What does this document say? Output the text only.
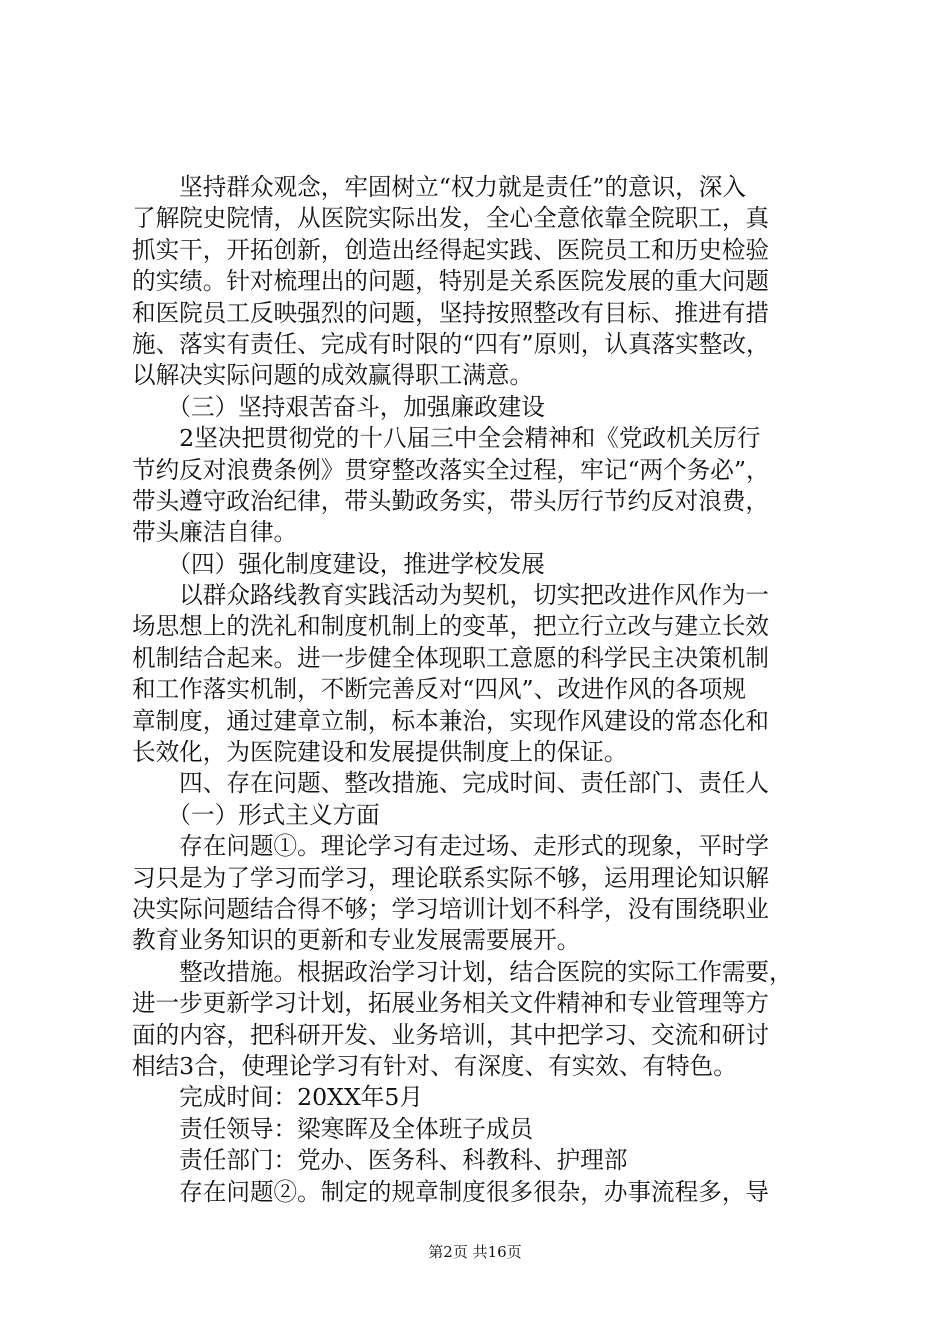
　　坚持群众观念，牢固树立“权力就是责任”的意识，深入
了解院史院情，从医院实际出发，全心全意依靠全院职工，真
抓实干，开拓创新，创造出经得起实践、医院员工和历史检验
的实绩。针对梳理出的问题，特别是关系医院发展的重大问题
和医院员工反映强烈的问题，坚持按照整改有目标、推进有措
施、落实有责任、完成有时限的“四有”原则，认真落实整改，
以解决实际问题的成效赢得职工满意。
　　（三）坚持艰苦奋斗，加强廉政建设
　　2坚决把贯彻党的十八届三中全会精神和《党政机关厉行
节约反对浪费条例》贯穿整改落实全过程，牢记“两个务必”，
带头遵守政治纪律，带头勤政务实，带头厉行节约反对浪费，
带头廉洁自律。
　　（四）强化制度建设，推进学校发展
　　以群众路线教育实践活动为契机，切实把改进作风作为一
场思想上的洗礼和制度机制上的变革，把立行立改与建立长效
机制结合起来。进一步健全体现职工意愿的科学民主决策机制
和工作落实机制，不断完善反对“四风”、改进作风的各项规
章制度，通过建章立制，标本兼治，实现作风建设的常态化和
长效化，为医院建设和发展提供制度上的保证。
　　四、存在问题、整改措施、完成时间、责任部门、责任人
　　（一）形式主义方面
　　存在问题①。理论学习有走过场、走形式的现象，平时学
习只是为了学习而学习，理论联系实际不够，运用理论知识解
决实际问题结合得不够；学习培训计划不科学，没有围绕职业
教育业务知识的更新和专业发展需要展开。
　　整改措施。根据政治学习计划，结合医院的实际工作需要，
进一步更新学习计划，拓展业务相关文件精神和专业管理等方
面的内容，把科研开发、业务培训，其中把学习、交流和研讨
相结3合，使理论学习有针对、有深度、有实效、有特色。
　　完成时间：20XX年5月
　　责任领导：梁寒晖及全体班子成员
　　责任部门：党办、医务科、科教科、护理部
　　存在问题②。制定的规章制度很多很杂，办事流程多，导
第2页 共16页
